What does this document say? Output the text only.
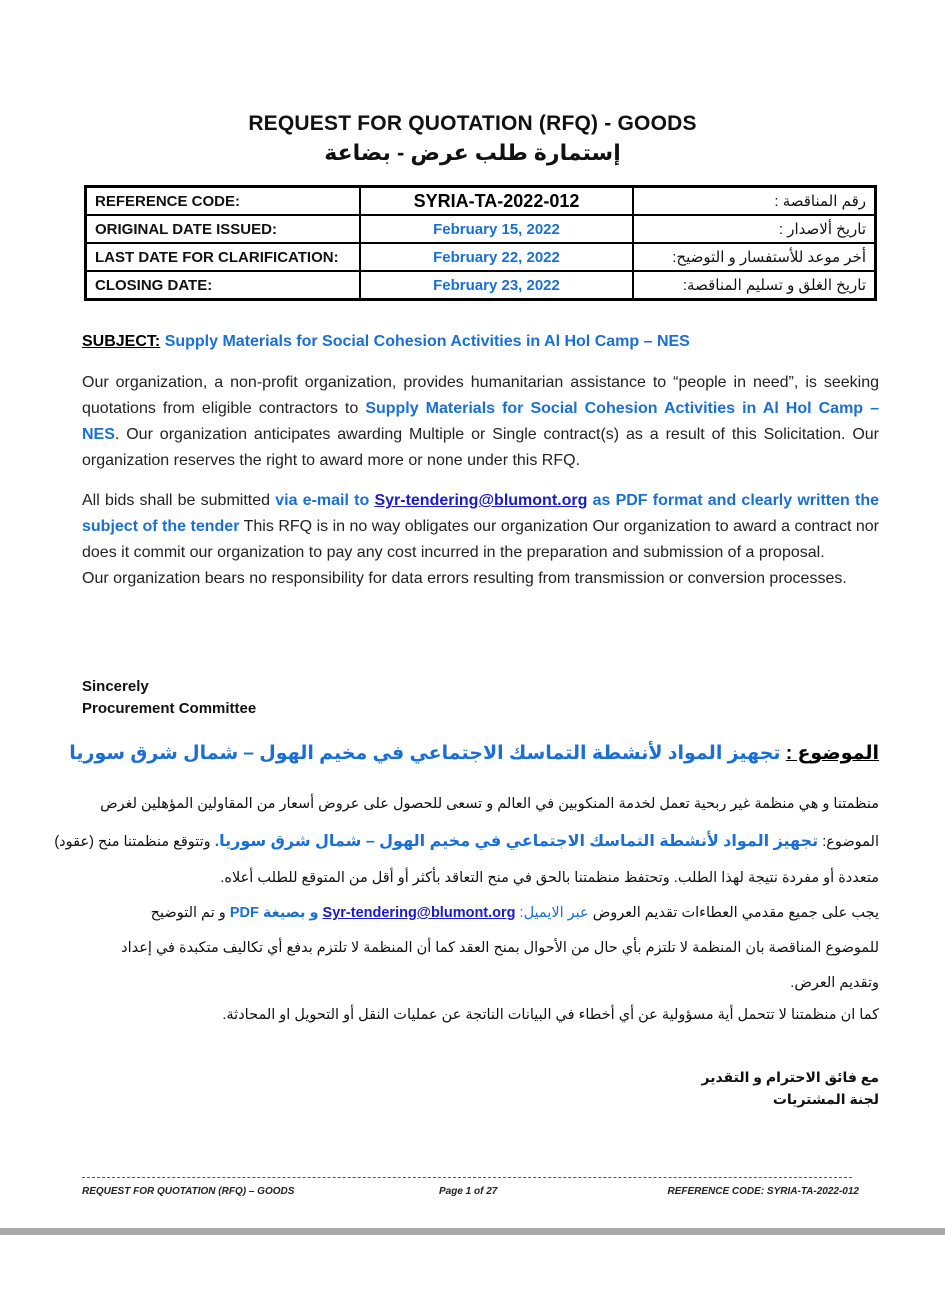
REQUEST FOR QUOTATION (RFQ) - GOODS
إستمارة طلب عرض - بضاعة
REFERENCE CODE:	SYRIA-TA-2022-012	رقم المناقصة :
ORIGINAL DATE ISSUED:	February 15, 2022	تاريخ ألاصدار :
LAST DATE FOR CLARIFICATION:	February 22, 2022	أخر موعد للأستفسار و التوضيح:
CLOSING DATE:	February 23, 2022	تاريخ الغلق و تسليم المناقصة:
SUBJECT: Supply Materials for Social Cohesion Activities in Al Hol Camp – NES
Our organization, a non-profit organization, provides humanitarian assistance to “people in need”, is seeking quotations from eligible contractors to Supply Materials for Social Cohesion Activities in Al Hol Camp – NES. Our organization anticipates awarding Multiple or Single contract(s) as a result of this Solicitation. Our organization reserves the right to award more or none under this RFQ.
All bids shall be submitted via e-mail to Syr-tendering@blumont.org as PDF format and clearly written the subject of the tender This RFQ is in no way obligates our organization Our organization to award a contract nor does it commit our organization to pay any cost incurred in the preparation and submission of a proposal.
Our organization bears no responsibility for data errors resulting from transmission or conversion processes.
Sincerely
Procurement Committee
الموضوع : تجهيز المواد لأنشطة التماسك الاجتماعي في مخيم الهول – شمال شرق سوريا
منظمتنا و هي منظمة غير ربحية تعمل لخدمة المنكوبين في العالم و تسعى للحصول على عروض أسعار من المقاولين المؤهلين لغرض
الموضوع: تجهيز المواد لأنشطة التماسك الاجتماعي في مخيم الهول – شمال شرق سوريا. وتتوقع منظمتنا منح (عقود)
متعددة أو مفردة نتيجة لهذا الطلب. وتحتفظ منظمتنا بالحق في منح التعاقد بأكثر أو أقل من المتوقع للطلب أعلاه.
يجب على جميع مقدمي العطاءات تقديم العروض عبر الايميل: Syr-tendering@blumont.org و بصيغة PDF و تم التوضيح
للموضوع المناقصة بان المنظمة لا تلتزم بأي حال من الأحوال بمنح العقد كما أن المنظمة لا تلتزم بدفع أي تكاليف متكبدة في إعداد
وتقديم العرض.
كما ان منظمتنا لا تتحمل أية مسؤولية عن أي أخطاء في البيانات الناتجة عن عمليات النقل أو التحويل او المحادثة.
مع فائق الاحترام و التقدير
لجنة المشتريات
REQUEST FOR QUOTATION (RFQ) – GOODS	Page 1 of 27	REFERENCE CODE: SYRIA-TA-2022-012
